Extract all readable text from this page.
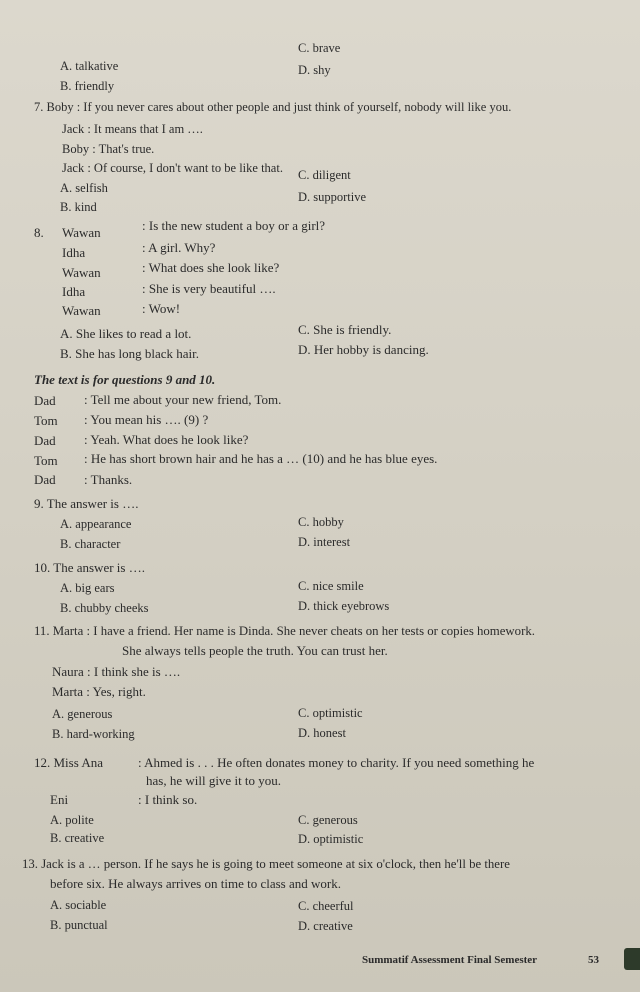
A. talkative
B. friendly
C. brave
D. shy
7. Boby : If you never cares about other people and just think of yourself, nobody will like you.
Jack : It means that I am ….
Boby : That's true.
Jack : Of course, I don't want to be like that.
A. selfish
B. kind
C. diligent
D. supportive
8. Wawan	: Is the new student a boy or a girl?
Idha	: A girl. Why?
Wawan	: What does she look like?
Idha	: She is very beautiful ….
Wawan	: Wow!
A. She likes to read a lot.
B. She has long black hair.
C. She is friendly.
D. Her hobby is dancing.
The text is for questions 9 and 10.
Dad : Tell me about your new friend, Tom.
Tom : You mean his …. (9) ?
Dad : Yeah. What does he look like?
Tom : He has short brown hair and he has a … (10) and he has blue eyes.
Dad : Thanks.
9. The answer is ….
A. appearance
B. character
C. hobby
D. interest
10. The answer is ….
A. big ears
B. chubby cheeks
C. nice smile
D. thick eyebrows
11. Marta : I have a friend. Her name is Dinda. She never cheats on her tests or copies homework.
She always tells people the truth. You can trust her.
Naura : I think she is ….
Marta : Yes, right.
A. generous
B. hard-working
C. optimistic
D. honest
12. Miss Ana	: Ahmed is . . . He often donates money to charity. If you need something he
has, he will give it to you.
Eni	: I think so.
A. polite
B. creative
C. generous
D. optimistic
13. Jack is a … person. If he says he is going to meet someone at six o'clock, then he'll be there
before six. He always arrives on time to class and work.
A. sociable
B. punctual
C. cheerful
D. creative
Summatif Assessment Final Semester	53
